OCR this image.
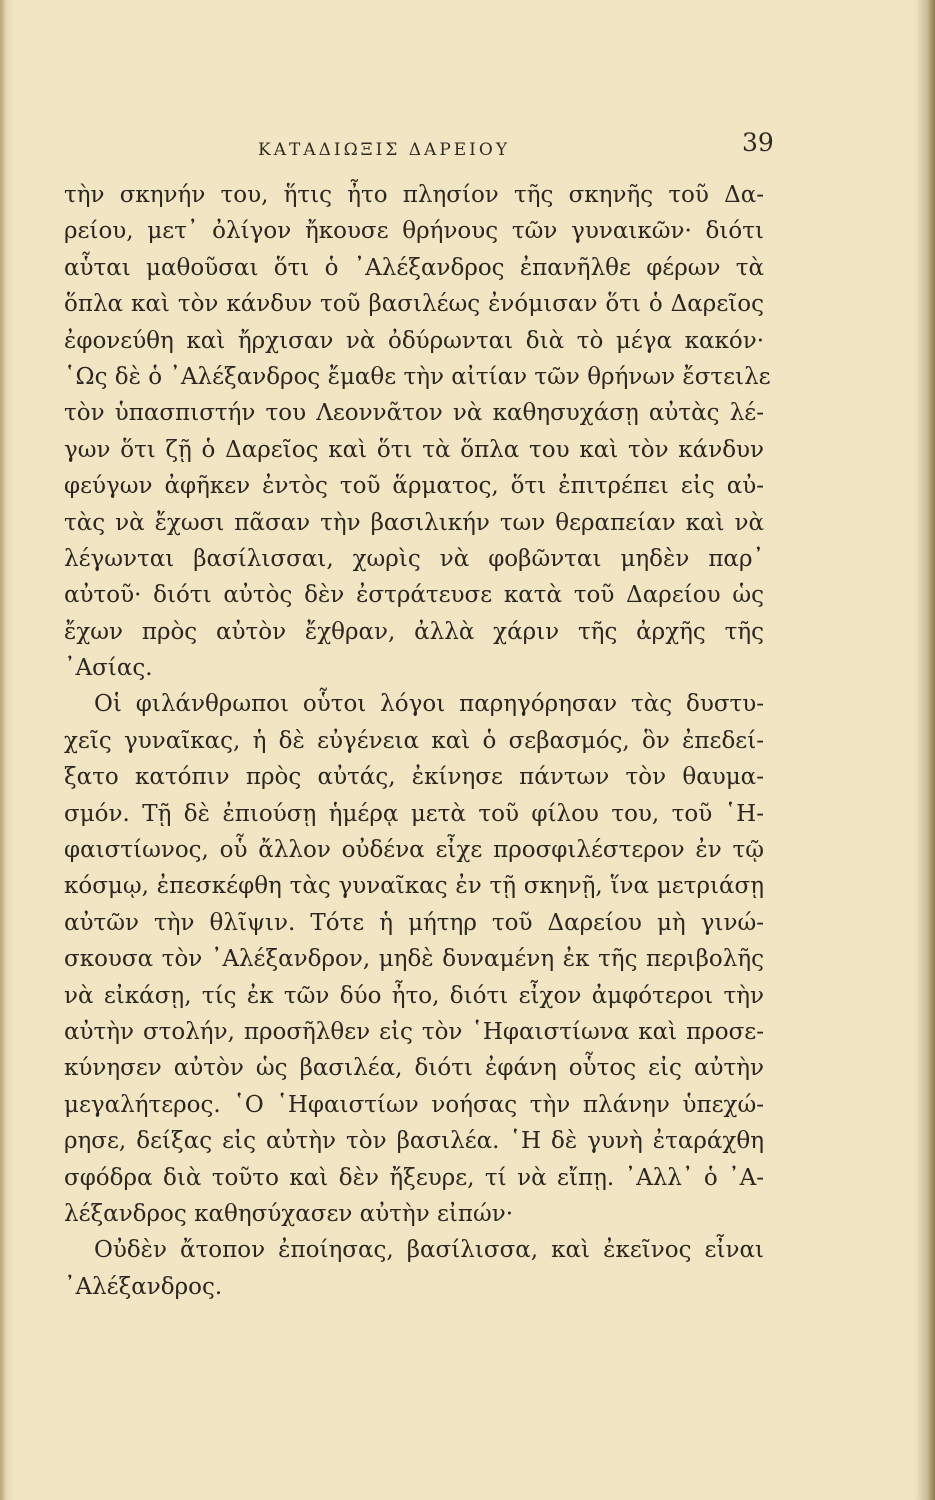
ΚΑΤΑΔΙΩΞΙΣ ΔΑΡΕΙΟΥ	39
τὴν σκηνήν του, ἥτις ἦτο πλησίον τῆς σκηνῆς τοῦ Δα-
ρείου, μετ᾽ ὀλίγον ἤκουσε θρήνους τῶν γυναικῶν· διότι
αὗται μαθοῦσαι ὅτι ὁ ᾽Αλέξανδρος ἐπανῆλθε φέρων τὰ
ὅπλα καὶ τὸν κάνδυν τοῦ βασιλέως ἐνόμισαν ὅτι ὁ Δαρεῖος
ἐφονεύθη καὶ ἤρχισαν νὰ ὀδύρωνται διὰ τὸ μέγα κακόν·
῾Ως δὲ ὁ ᾽Αλέξανδρος ἔμαθε τὴν αἰτίαν τῶν θρήνων ἔστειλε
τὸν ὑπασπιστήν του Λεοννᾶτον νὰ καθησυχάσῃ αὐτὰς λέ-
γων ὅτι ζῇ ὁ Δαρεῖος καὶ ὅτι τὰ ὅπλα του καὶ τὸν κάνδυν
φεύγων ἀφῆκεν ἐντὸς τοῦ ἅρματος, ὅτι ἐπιτρέπει εἰς αὐ-
τὰς νὰ ἔχωσι πᾶσαν τὴν βασιλικήν των θεραπείαν καὶ νὰ
λέγωνται βασίλισσαι, χωρὶς νὰ φοβῶνται μηδὲν παρ᾽
αὐτοῦ· διότι αὐτὸς δὲν ἐστράτευσε κατὰ τοῦ Δαρείου ὡς
ἔχων πρὸς αὐτὸν ἔχθραν, ἀλλὰ χάριν τῆς ἀρχῆς τῆς
᾽Ασίας.
Οἱ φιλάνθρωποι οὗτοι λόγοι παρηγόρησαν τὰς δυστυ-
χεῖς γυναῖκας, ἡ δὲ εὐγένεια καὶ ὁ σεβασμός, ὃν ἐπεδεί-
ξατο κατόπιν πρὸς αὐτάς, ἐκίνησε πάντων τὸν θαυμα-
σμόν. Τῇ δὲ ἐπιούσῃ ἡμέρᾳ μετὰ τοῦ φίλου του, τοῦ ῾Η-
φαιστίωνος, οὗ ἄλλον οὐδένα εἶχε προσφιλέστερον ἐν τῷ
κόσμῳ, ἐπεσκέφθη τὰς γυναῖκας ἐν τῇ σκηνῇ, ἵνα μετριάσῃ
αὐτῶν τὴν θλῖψιν. Τότε ἡ μήτηρ τοῦ Δαρείου μὴ γινώ-
σκουσα τὸν ᾽Αλέξανδρον, μηδὲ δυναμένη ἐκ τῆς περιβολῆς
νὰ εἰκάσῃ, τίς ἐκ τῶν δύο ἦτο, διότι εἶχον ἀμφότεροι τὴν
αὐτὴν στολήν, προσῆλθεν εἰς τὸν ῾Ηφαιστίωνα καὶ προσε-
κύνησεν αὐτὸν ὡς βασιλέα, διότι ἐφάνη οὗτος εἰς αὐτὴν
μεγαλήτερος. ῾Ο ῾Ηφαιστίων νοήσας τὴν πλάνην ὑπεχώ-
ρησε, δείξας εἰς αὐτὴν τὸν βασιλέα. ῾Η δὲ γυνὴ ἐταράχθη
σφόδρα διὰ τοῦτο καὶ δὲν ἤξευρε, τί νὰ εἴπῃ. ᾽Αλλ᾽ ὁ ᾽Α-
λέξανδρος καθησύχασεν αὐτὴν εἰπών·
Οὐδὲν ἄτοπον ἐποίησας, βασίλισσα, καὶ ἐκεῖνος εἶναι
᾽Αλέξανδρος.
